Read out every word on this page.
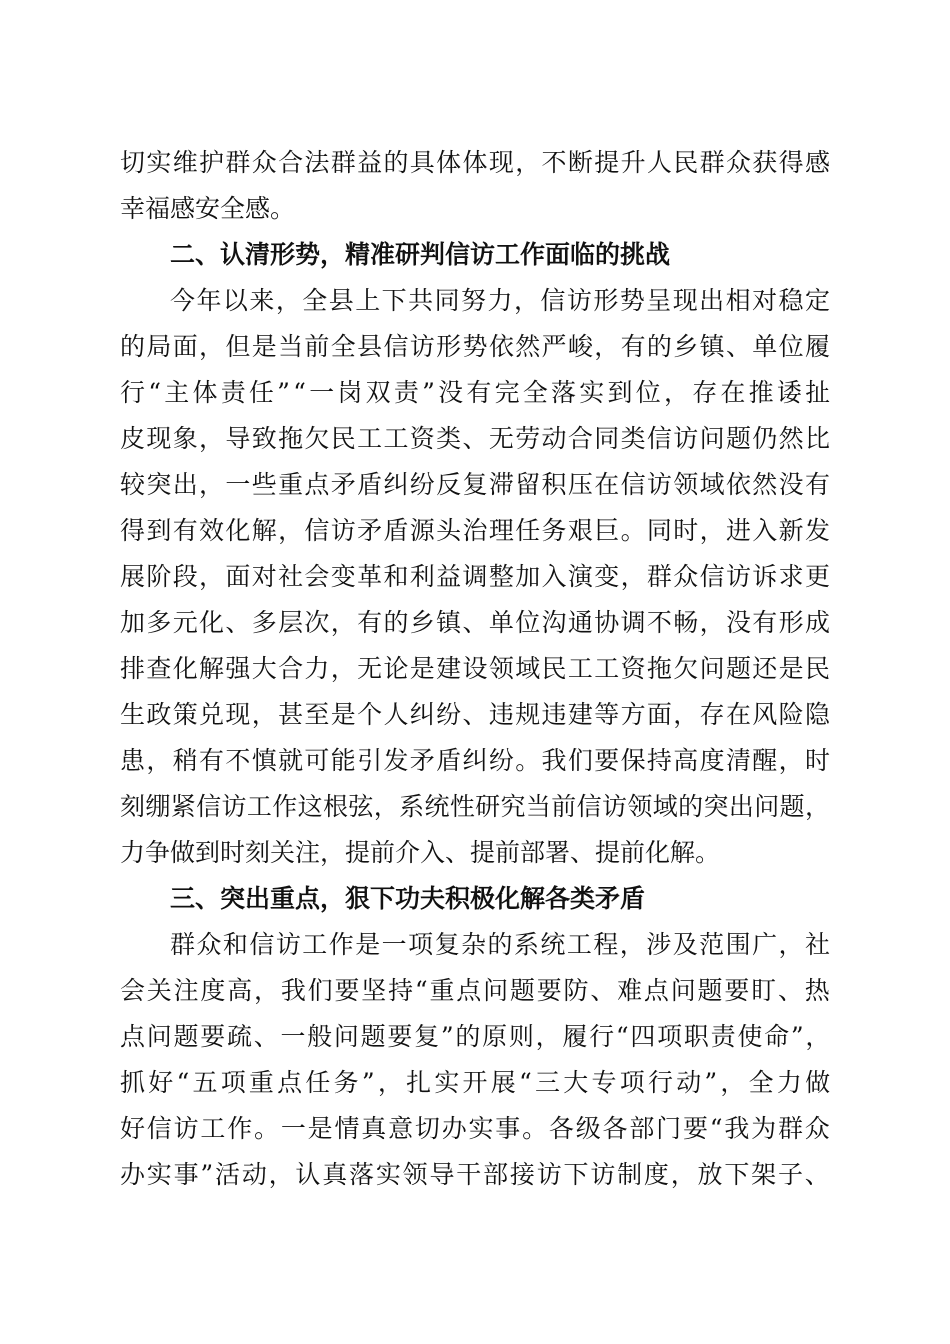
切实维护群众合法群益的具体体现，不断提升人民群众获得感
幸福感安全感。
二、认清形势，精准研判信访工作面临的挑战
今年以来，全县上下共同努力，信访形势呈现出相对稳定
的局面，但是当前全县信访形势依然严峻，有的乡镇、单位履
行“主体责任”“一岗双责”没有完全落实到位，存在推诿扯
皮现象，导致拖欠民工工资类、无劳动合同类信访问题仍然比
较突出，一些重点矛盾纠纷反复滞留积压在信访领域依然没有
得到有效化解，信访矛盾源头治理任务艰巨。同时，进入新发
展阶段，面对社会变革和利益调整加入演变，群众信访诉求更
加多元化、多层次，有的乡镇、单位沟通协调不畅，没有形成
排查化解强大合力，无论是建设领域民工工资拖欠问题还是民
生政策兑现，甚至是个人纠纷、违规违建等方面，存在风险隐
患，稍有不慎就可能引发矛盾纠纷。我们要保持高度清醒，时
刻绷紧信访工作这根弦，系统性研究当前信访领域的突出问题，
力争做到时刻关注，提前介入、提前部署、提前化解。
三、突出重点，狠下功夫积极化解各类矛盾
群众和信访工作是一项复杂的系统工程，涉及范围广，社
会关注度高，我们要坚持“重点问题要防、难点问题要盯、热
点问题要疏、一般问题要复”的原则，履行“四项职责使命”，
抓好“五项重点任务”，扎实开展“三大专项行动”，全力做
好信访工作。一是情真意切办实事。各级各部门要“我为群众
办实事”活动，认真落实领导干部接访下访制度，放下架子、
